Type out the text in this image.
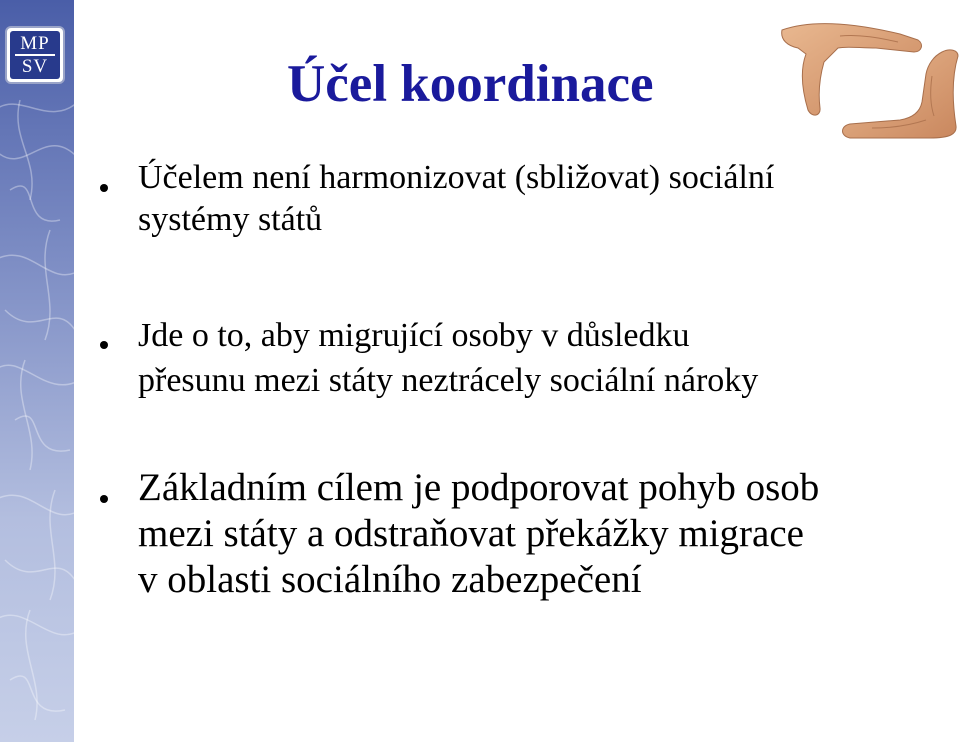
MP
SV	Účel koordinace
Účelem není harmonizovat (sbližovat) sociální
systémy států
Jde o to, aby migrující osoby v důsledku
přesunu mezi státy neztrácely sociální nároky
Základním cílem je podporovat pohyb osob
mezi státy a odstraňovat překážky migrace
v oblasti sociálního zabezpečení
